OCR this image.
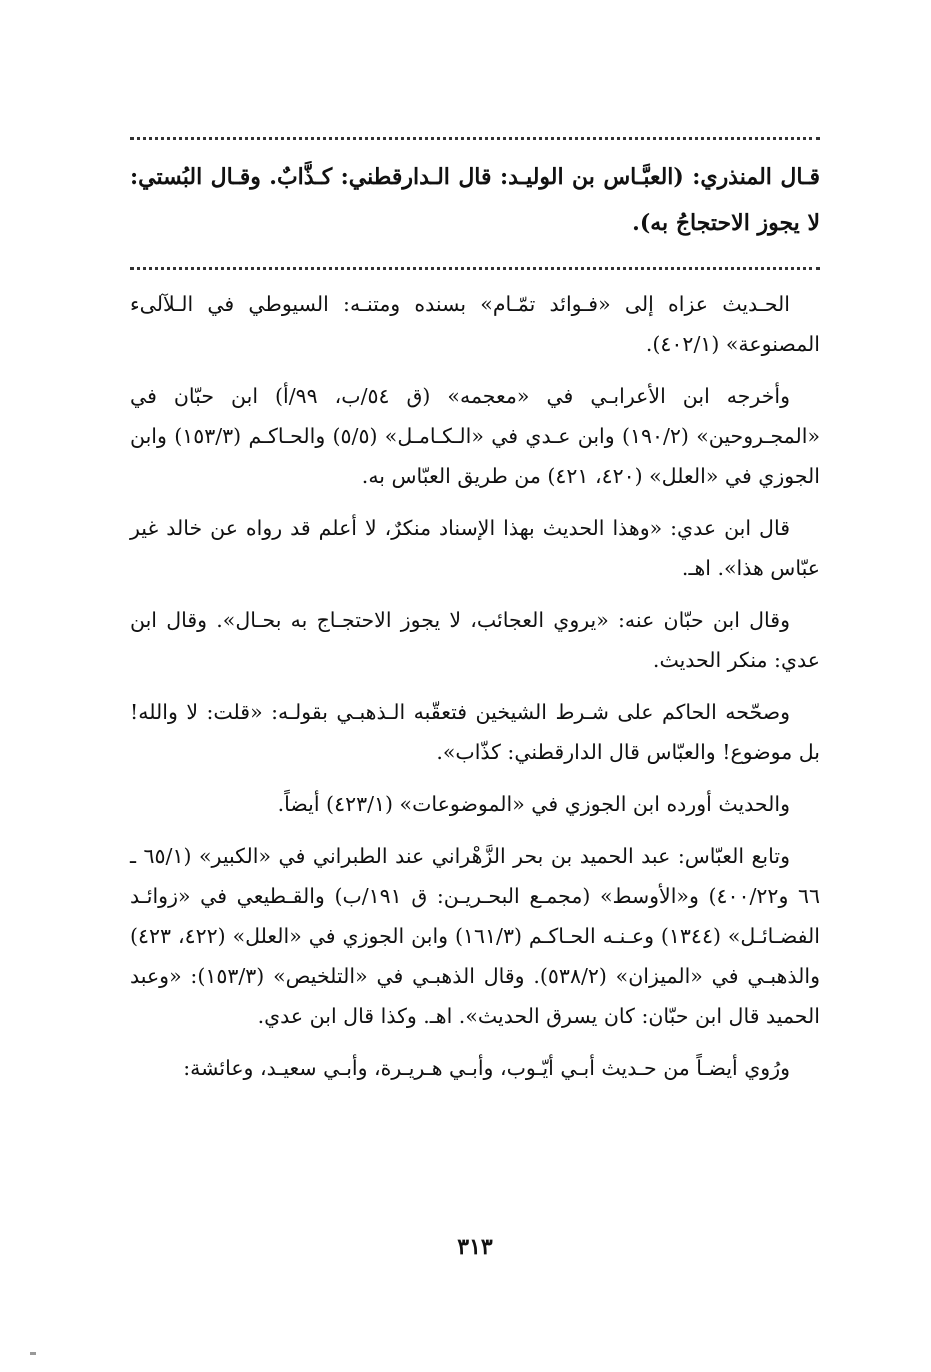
قـال المنذري: (العبَّـاس بن الوليـد: قال الـدارقطني: كـذَّابٌ. وقـال البُستي: لا يجوز الاحتجاجُ به).

الحـديث عزاه إلى «فـوائد تمّـام» بسنده ومتنـه: السيوطي في الـلآلىء المصنوعة» (٤٠٢/١).

وأخرجه ابن الأعرابـي في «معجمه» (ق ٥٤/ب، ٩٩/أ) ابن حبّان في «المجـروحين» (١٩٠/٢) وابن عـدي في «الـكـامـل» (٥/٥) والحـاكـم (١٥٣/٣) وابن الجوزي في «العلل» (٤٢٠، ٤٢١) من طريق العبّاس به.

قال ابن عدي: «وهذا الحديث بهذا الإسناد منكرٌ، لا أعلم قد رواه عن خالد غير عبّاس هذا». اهـ.

وقال ابن حبّان عنه: «يروي العجائب، لا يجوز الاحتجـاج به بحـال». وقال ابن عدي: منكر الحديث.

وصحّحه الحاكم على شـرط الشيخين فتعقّبه الـذهبـي بقولـه: «قلت: لا والله! بل موضوع! والعبّاس قال الدارقطني: كذّاب».

والحديث أورده ابن الجوزي في «الموضوعات» (٤٢٣/١) أيضاً.

وتابع العبّاس: عبد الحميد بن بحر الزَّهْراني عند الطبراني في «الكبير» (٦٥/١ ـ ٦٦ و٤٠٠/٢٢) و«الأوسط» (مجمـع البحـريـن: ق ١٩١/ب) والقـطيعي في «زوائـد الفضـائـل» (١٣٤٤) وعـنـه الحـاكـم (١٦١/٣) وابن الجوزي في «العلل» (٤٢٢، ٤٢٣) والذهبـي في «الميزان» (٥٣٨/٢). وقال الذهبـي في «التلخيص» (١٥٣/٣): «وعبد الحميد قال ابن حبّان: كان يسرق الحديث». اهـ. وكذا قال ابن عدي.

ورُوي أيضـاً من حـديث أبـي أيّـوب، وأبـي هـريـرة، وأبـي سعيـد، وعائشة:

٣١٣
